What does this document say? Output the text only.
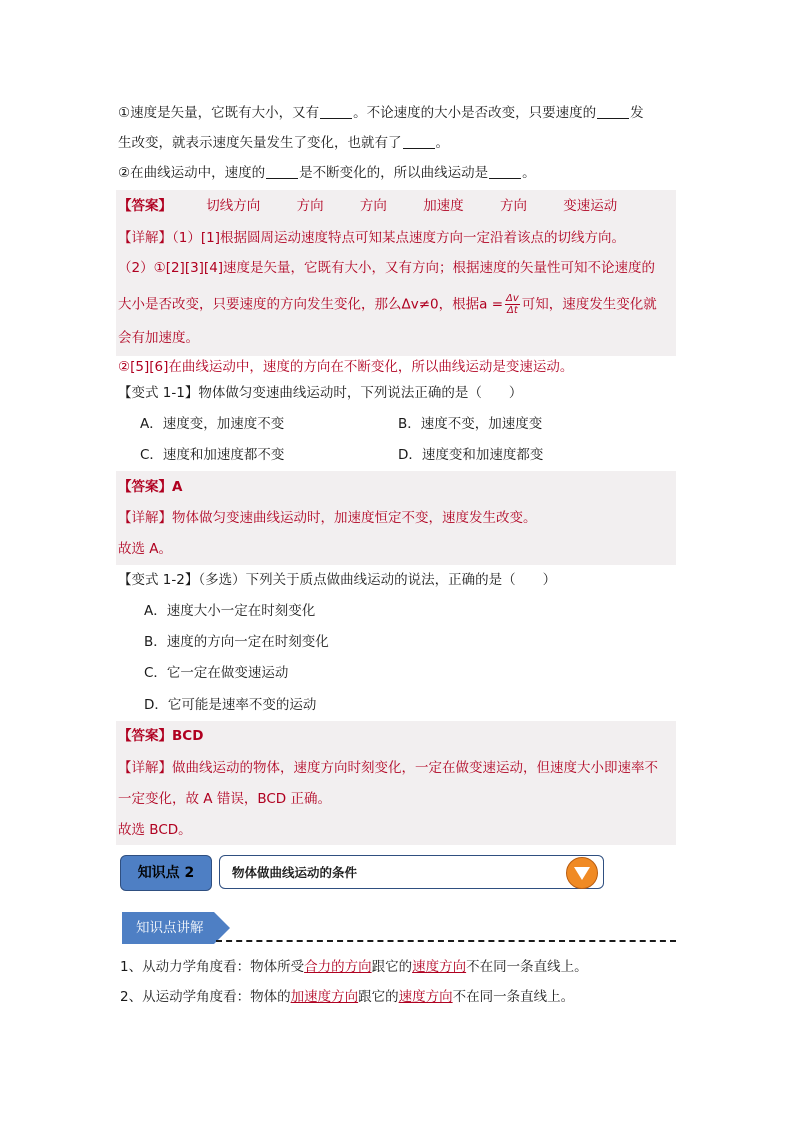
①速度是矢量，它既有大小，又有	。不论速度的大小是否改变，只要速度的	发
生改变，就表示速度矢量发生了变化，也就有了	。
②在曲线运动中，速度的	是不断变化的，所以曲线运动是	。
【答案】	切线方向	方向	方向	加速度	方向	变速运动
【详解】（1）[1]根据圆周运动速度特点可知某点速度方向一定沿着该点的切线方向。
（2）①[2][3][4]速度是矢量，它既有大小，又有方向；根据速度的矢量性可知不论速度的
大小是否改变，只要速度的方向发生变化，那么Δv≠0，根据$a = \frac{\Delta v}{\Delta t}$ 可知，速度发生变化就
会有加速度。
②[5][6]在曲线运动中，速度的方向在不断变化，所以曲线运动是变速运动。
【变式 1-1】物体做匀变速曲线运动时，下列说法正确的是（　　）
A．速度变，加速度不变	B．速度不变，加速度变
C．速度和加速度都不变	D．速度变和加速度都变
【答案】A
【详解】物体做匀变速曲线运动时，加速度恒定不变，速度发生改变。
故选 A。
【变式 1-2】（多选）下列关于质点做曲线运动的说法，正确的是（　　）
A．速度大小一定在时刻变化
B．速度的方向一定在时刻变化
C．它一定在做变速运动
D．它可能是速率不变的运动
【答案】BCD
【详解】做曲线运动的物体，速度方向时刻变化，一定在做变速运动，但速度大小即速率不
一定变化，故 A 错误，BCD 正确。
故选 BCD。
知识点 2	物体做曲线运动的条件
知识点讲解
1、从动力学角度看：物体所受合力的方向跟它的速度方向不在同一条直线上。
2、从运动学角度看：物体的加速度方向跟它的速度方向不在同一条直线上。
